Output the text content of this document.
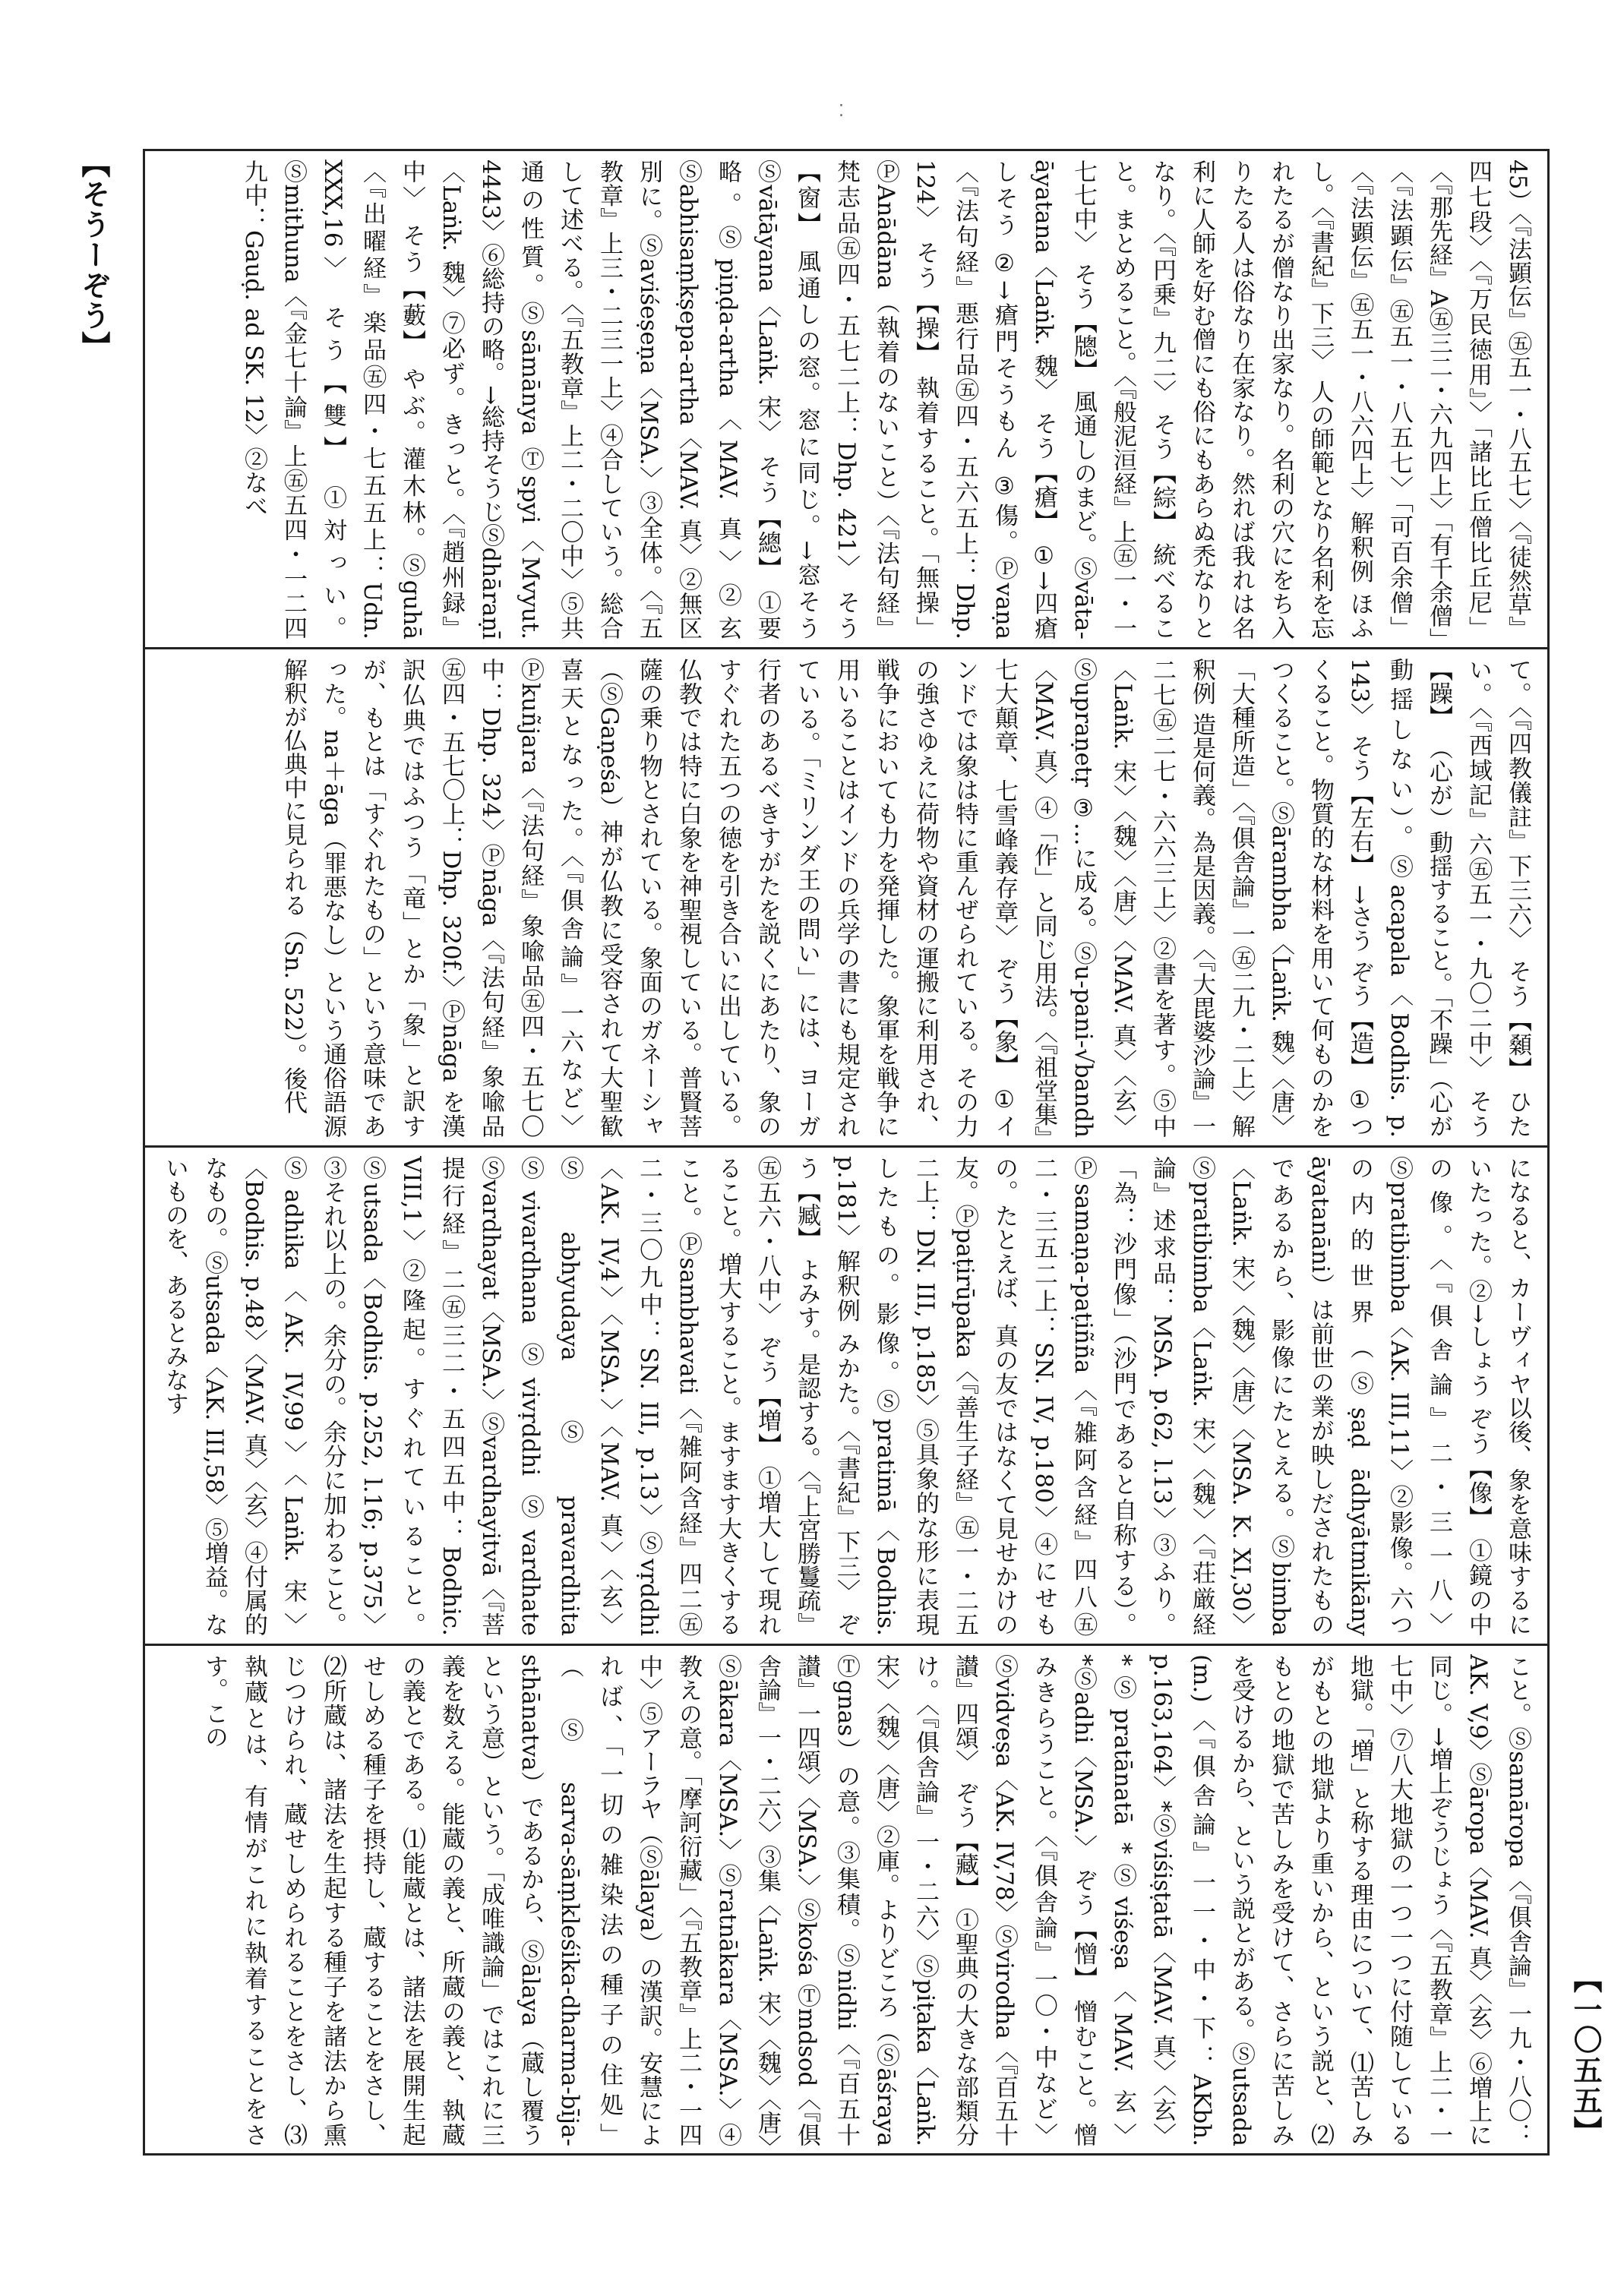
⁚
【そうーぞう】
【一〇五五】
45）〈『法顕伝』㊄五一・八五七〉〈『徒然草』四七段〉〈『万民徳用』〉「諸比丘僧比丘尼」〈『那先経』A㊄三二・六九四上〉「有千余僧」〈『法顕伝』㊄五一・八五七〉「可百余僧」〈『法顕伝』㊄五一・八六四上〉解釈例 ほふし。〈『書紀』下三〉 人の師範となり名利を忘れたるが僧なり出家なり。名利の穴にをち入りたる人は俗なり在家なり。然れば我れは名利に人師を好む僧にも俗にもあらぬ禿なりとなり。〈『円乗』九二〉 そう【綜】 統べること。まとめること。〈『般泥洹経』上㊄一・一七七中〉 そう【牕】 風通しのまど。Ⓢvāta-āyatana〈Laṅk. 魏〉 そう【瘡】 ①→四瘡しそう ②→瘡門そうもん ③傷。Ⓟvaṇa〈『法句経』悪行品㊄四・五六五上：Dhp. 124〉 そう【操】 執着すること。「無操」ⓅAnādāna（執着のないこと）〈『法句経』梵志品㊄四・五七二上：Dhp. 421〉 そう【窗】 風通しの窓。窓に同じ。→窓そう Ⓢvātāyana〈Laṅk. 宋〉 そう【總】 ①要略。Ⓢpiṇḍa-artha〈MAV. 真〉②玄 Ⓢabhisaṃkṣepa-artha〈MAV. 真〉②無区別に。Ⓢaviśeṣeṇa〈MSA.〉③全体。〈『五教章』上三・二三一上〉④合していう。総合して述べる。〈『五教章』上二・二〇中〉⑤共通の性質。Ⓢsāmānya Ⓣspyi〈Mvyut. 4443〉⑥総持の略。→総持そうじⓈdhāraṇī〈Laṅk. 魏〉⑦必ず。きっと。〈『趙州録』中〉 そう【藪】 やぶ。灌木林。Ⓢguhā〈『出曜経』楽品㊄四・七五五上：Udn. XXX,16〉 そう【雙】 ①対っい。Ⓢmithuna〈『金七十論』上㊄五四・一二四九中：Gauḍ. ad SK. 12〉②なべ
て。〈『四教儀註』下三六〉 そう【顙】 ひたい。〈『西域記』六㊄五一・九〇二中〉 そう【躁】 （心が）動揺すること。「不躁」（心が動揺しない）。Ⓢacapala〈Bodhis. p. 143〉 そう【左右】 →さう ぞう【造】 ①つくること。物質的な材料を用いて何ものかをつくること。Ⓢārambha〈Laṅk. 魏〉〈唐〉「大種所造」〈『俱舎論』一㊄二九・二上〉解釈例 造是何義。為是因義。〈『大毘婆沙論』一二七㊄二七・六六三上〉②書を著す。⑤中〈Laṅk. 宋〉〈魏〉〈唐〉〈MAV. 真〉〈玄〉Ⓢupraṇetṛ ③…に成る。Ⓢu-pani-√bandh〈MAV. 真〉④「作」と同じ用法。〈『祖堂集』七大顛章、七雪峰義存章〉 ぞう【象】 ①インドでは象は特に重んぜられている。その力の強さゆえに荷物や資材の運搬に利用され、戦争においても力を発揮した。象軍を戦争に用いることはインドの兵学の書にも規定されている。「ミリンダ王の問い」には、ヨーガ行者のあるべきすがたを説くにあたり、象のすぐれた五つの徳を引き合いに出している。仏教では特に白象を神聖視している。普賢菩薩の乗り物とされている。象面のガネーシャ（ⓈGaṇeśa）神が仏教に受容されて大聖歓喜天となった。〈『俱舎論』一六など〉Ⓟkuñjara〈『法句経』象喩品㊄四・五七〇中：Dhp. 324〉Ⓟnāga〈『法句経』象喩品㊄四・五七〇上：Dhp. 320f.〉Ⓟnāga を漢訳仏典ではふつう「竜」とか「象」と訳すが、もとは「すぐれたもの」という意味であった。na＋āga（罪悪なし）という通俗語源解釈が仏典中に見られる（Sn. 522）。後代
になると、カーヴィヤ以後、象を意味するにいたった。②→しょう ぞう【像】 ①鏡の中の像。〈『俱舎論』二・三一八〉Ⓢpratibimba〈AK. III,11〉②影像。六つの内的世界（Ⓢṣaḍ ādhyātmikāny āyatanāni）は前世の業が映しだされたものであるから、影像にたとえる。Ⓢbimba〈Laṅk. 宋〉〈魏〉〈唐〉〈MSA. K. XI,30〉Ⓢpratibimba〈Laṅk. 宋〉〈魏〉〈『荘厳経論』述求品：MSA. p.62, l.13〉③ふり。「為：沙門像」（沙門であると自称する）。Ⓟsamaṇa-paṭiñña〈『雑阿含経』四八㊄二・三五二上：SN. IV, p.180〉④にせもの。たとえば、真の友ではなくて見せかけの友。Ⓟpaṭirūpaka〈『善生子経』㊄一・二五二上：DN. III, p.185〉⑤具象的な形に表現したもの。影像。Ⓢpratimā〈Bodhis. p.181〉解釈例 みかた。〈『書紀』下三〉 ぞう【臧】 よみす。是認する。〈『上宮勝鬘疏』㊄五六・八中〉 ぞう【増】 ①増大して現れること。増大すること。ますます大きくすること。Ⓟsambhavati〈『雑阿含経』四二㊄二・三〇九中：SN. III, p.13〉Ⓢvṛddhi〈AK. IV,4〉〈MSA.〉〈MAV. 真〉〈玄〉Ⓢabhyudaya Ⓢpravardhita Ⓢvivardhana Ⓢvivṛddhi Ⓢvardhate Ⓢvardhayat〈MSA.〉Ⓢvardhayitvā〈『菩提行経』二㊄三二・五四五中：Bodhic. VIII,1〉②隆起。すぐれていること。Ⓢutsada〈Bodhis. p.252, l.16; p.375〉③それ以上の。余分の。余分に加わること。Ⓢadhika〈AK. IV,99〉〈Laṅk. 宋〉〈Bodhis. p.48〉〈MAV. 真〉〈玄〉④付属的なもの。Ⓢutsada〈AK. III,58〉⑤増益。ないものを、あるとみなす
こと。Ⓢsamāropa〈『俱舎論』一九・八〇：AK. V,9〉Ⓢāropa〈MAV. 真〉〈玄〉⑥増上に同じ。→増上ぞうじょう〈『五教章』上二・一七中〉⑦八大地獄の一つ一つに付随している地獄。「増」と称する理由について、⑴苦しみがもとの地獄より重いから、という説と、⑵もとの地獄で苦しみを受けて、さらに苦しみを受けるから、という説とがある。Ⓢutsada (m.)〈『俱舎論』一一・中・下：AKbh. p.163,164〉*Ⓢviśiṣṭatā〈MAV. 真〉〈玄〉*Ⓢpratānatā *Ⓢviśeṣa〈MAV. 玄〉*Ⓢadhi〈MSA.〉 ぞう【憎】 憎むこと。憎みきらうこと。〈『俱舎論』一〇・中など〉Ⓢvidveṣa〈AK. IV,78〉Ⓢvirodha〈『百五十讃』四頌〉 ぞう【藏】 ①聖典の大きな部類分け。〈『俱舎論』一・二六〉Ⓢpiṭaka〈Laṅk. 宋〉〈魏〉〈唐〉②庫。よりどころ（Ⓢāśraya Ⓣgnas）の意。③集積。Ⓢnidhi〈『百五十讃』一四頌〉〈MSA.〉Ⓢkośa Ⓣmdsod〈『俱舎論』一・二六〉③集〈Laṅk. 宋〉〈魏〉〈唐〉Ⓢākara〈MSA.〉Ⓢratnākara〈MSA.〉④教えの意。「摩訶衍藏」〈『五教章』上二・一四中〉⑤アーラヤ（Ⓢālaya）の漢訳。安慧によれば、「一切の雑染法の種子の住処」（Ⓢsarva-sāṃkleśika-dharma-bīja-sthānatva）であるから、Ⓢālaya（蔵し覆うという意）という。「成唯識論」ではこれに三義を数える。能蔵の義と、所蔵の義と、執蔵の義とである。⑴能蔵とは、諸法を展開生起せしめる種子を摂持し、蔵することをさし、⑵所蔵は、諸法を生起する種子を諸法から熏じつけられ、蔵せしめられることをさし、⑶執蔵とは、有情がこれに執着することをさす。この
